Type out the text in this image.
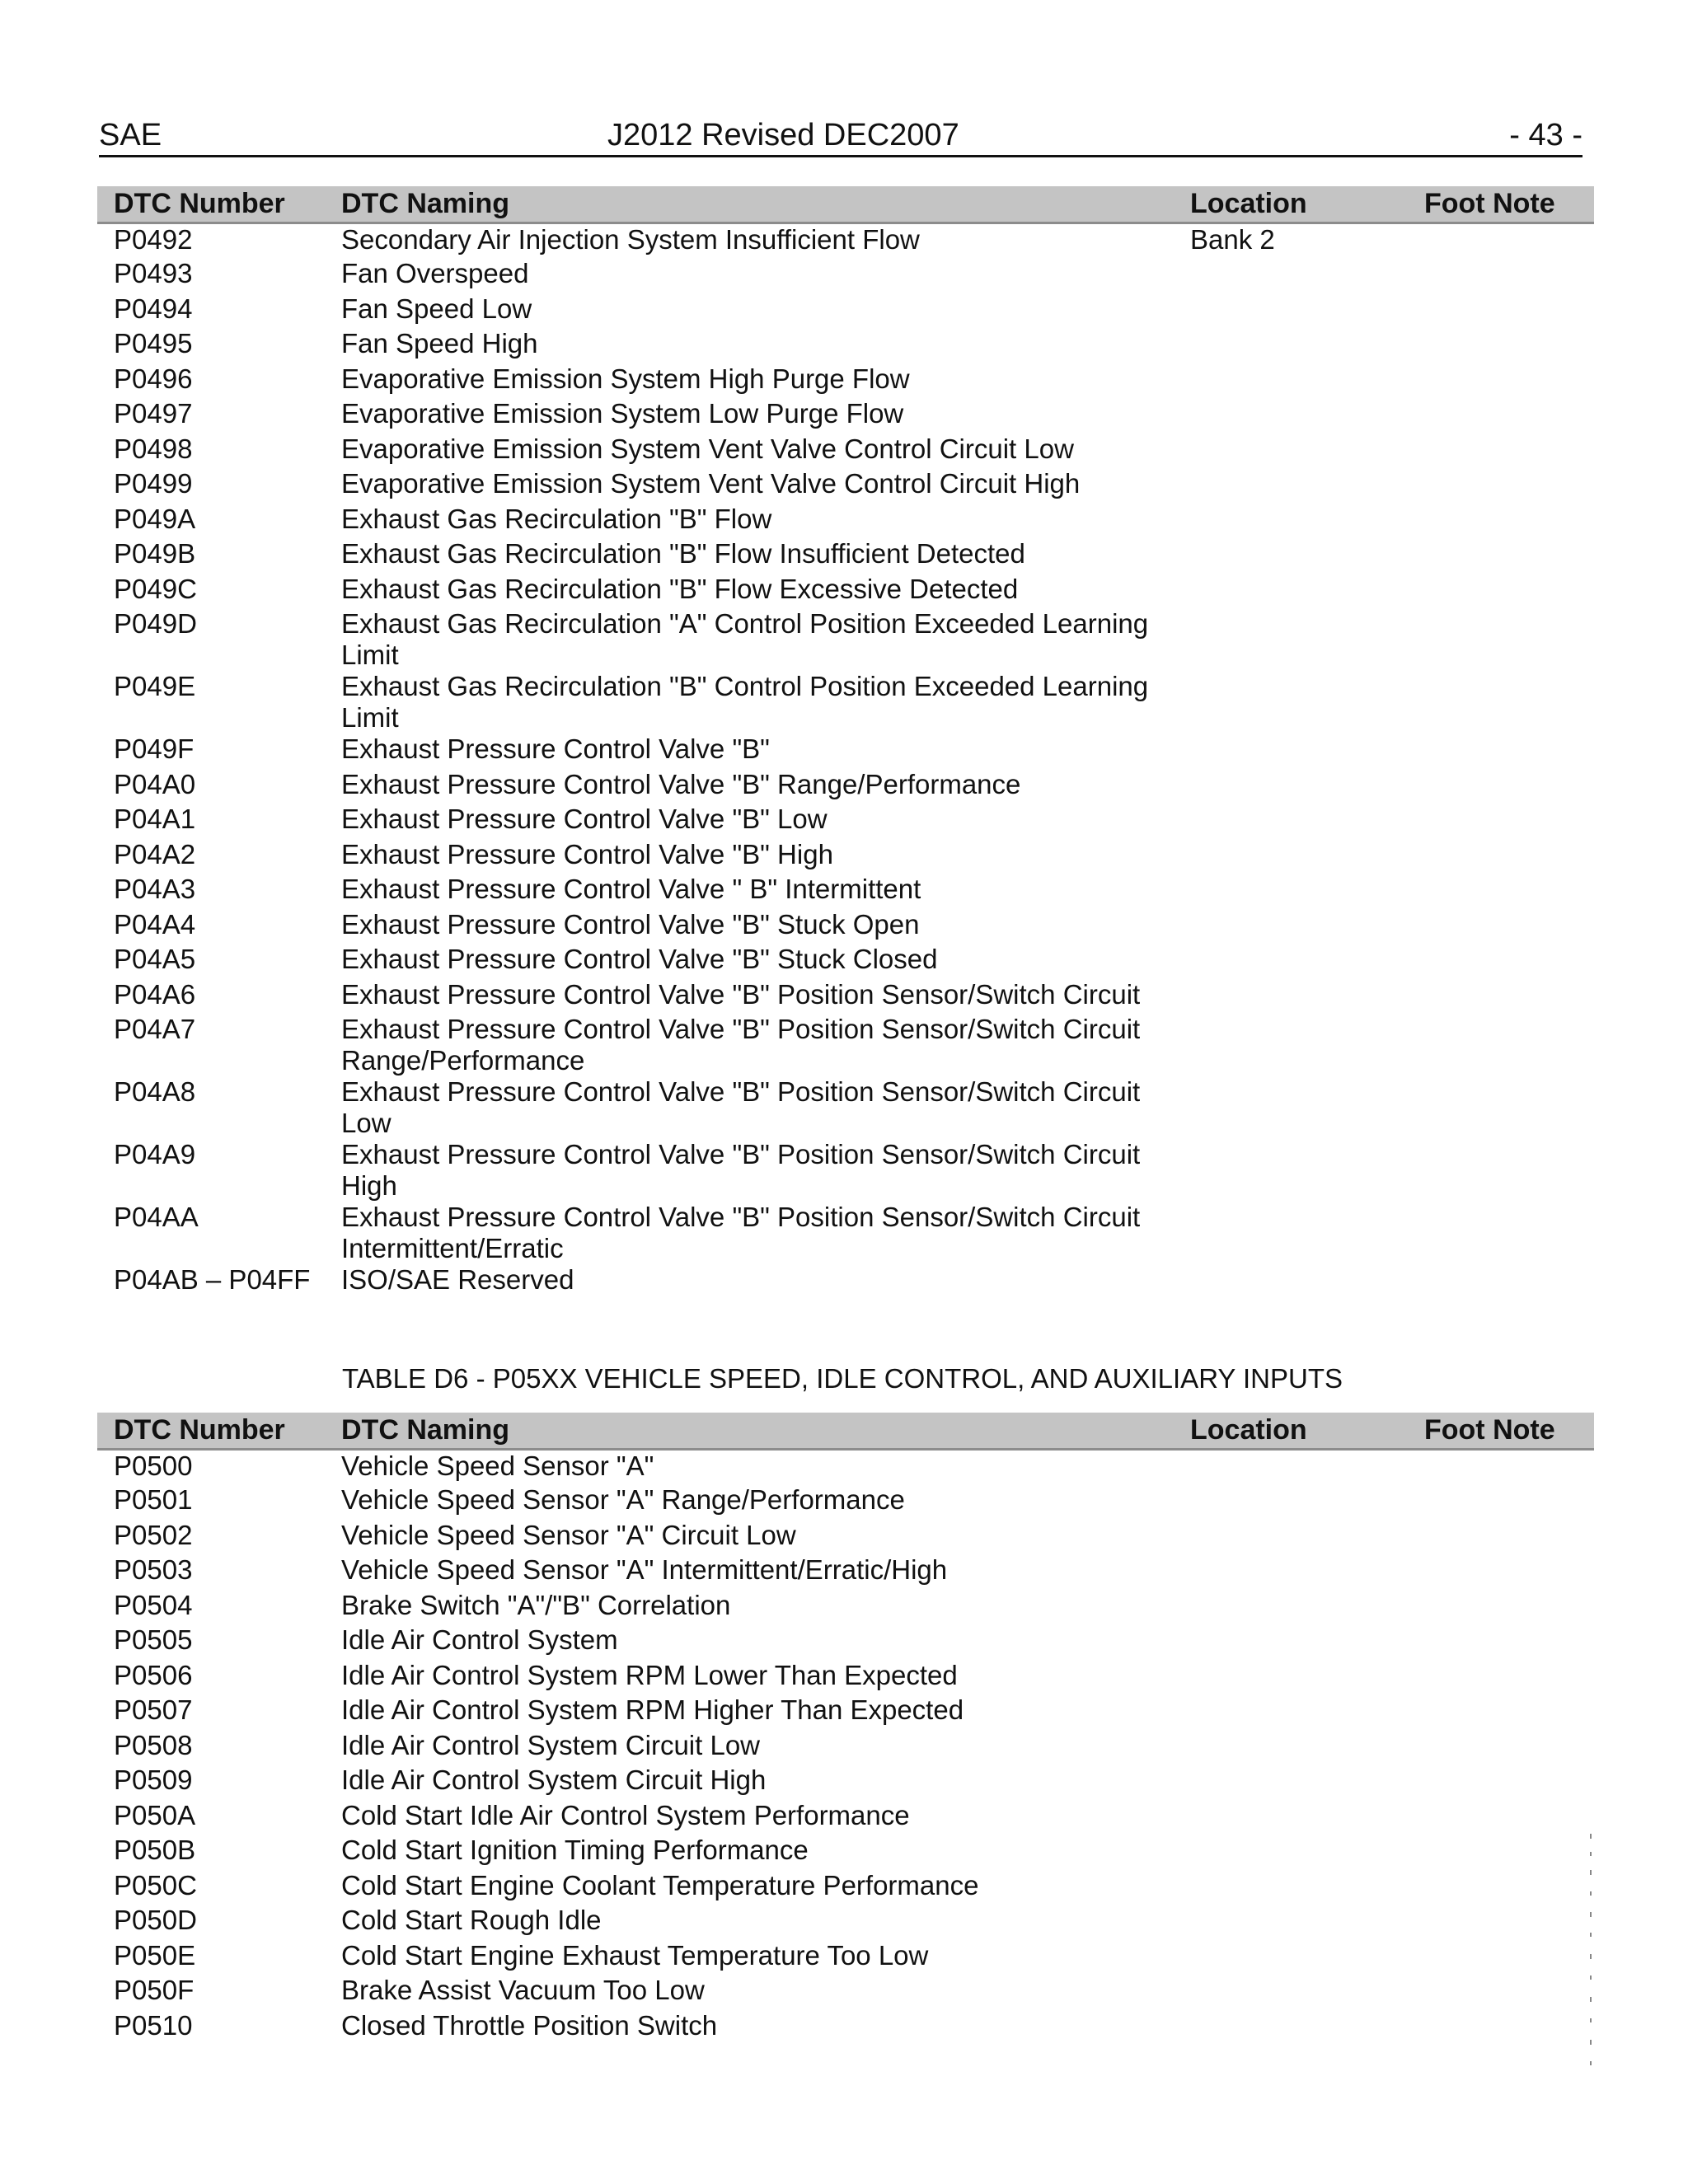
SAE	J2012 Revised DEC2007	- 43 -
DTC Number	DTC Naming	Location	Foot Note
P0492	Secondary Air Injection System Insufficient Flow	Bank 2	
P0493	Fan Overspeed		
P0494	Fan Speed Low		
P0495	Fan Speed High		
P0496	Evaporative Emission System High Purge Flow		
P0497	Evaporative Emission System Low Purge Flow		
P0498	Evaporative Emission System Vent Valve Control Circuit Low		
P0499	Evaporative Emission System Vent Valve Control Circuit High		
P049A	Exhaust Gas Recirculation "B" Flow		
P049B	Exhaust Gas Recirculation "B" Flow Insufficient Detected		
P049C	Exhaust Gas Recirculation "B" Flow Excessive Detected		
P049D	Exhaust Gas Recirculation "A" Control Position Exceeded Learning Limit		
P049E	Exhaust Gas Recirculation "B" Control Position Exceeded Learning Limit		
P049F	Exhaust Pressure Control Valve "B"		
P04A0	Exhaust Pressure Control Valve "B" Range/Performance		
P04A1	Exhaust Pressure Control Valve "B" Low		
P04A2	Exhaust Pressure Control Valve "B" High		
P04A3	Exhaust Pressure Control Valve " B" Intermittent		
P04A4	Exhaust Pressure Control Valve "B" Stuck Open		
P04A5	Exhaust Pressure Control Valve "B" Stuck Closed		
P04A6	Exhaust Pressure Control Valve "B" Position Sensor/Switch Circuit		
P04A7	Exhaust Pressure Control Valve "B" Position Sensor/Switch Circuit Range/Performance		
P04A8	Exhaust Pressure Control Valve "B" Position Sensor/Switch Circuit Low		
P04A9	Exhaust Pressure Control Valve "B" Position Sensor/Switch Circuit High		
P04AA	Exhaust Pressure Control Valve "B" Position Sensor/Switch Circuit Intermittent/Erratic		
P04AB – P04FF	ISO/SAE Reserved		
TABLE D6 - P05XX VEHICLE SPEED, IDLE CONTROL, AND AUXILIARY INPUTS
DTC Number	DTC Naming	Location	Foot Note
P0500	Vehicle Speed Sensor "A"		
P0501	Vehicle Speed Sensor "A" Range/Performance		
P0502	Vehicle Speed Sensor "A" Circuit Low		
P0503	Vehicle Speed Sensor "A" Intermittent/Erratic/High		
P0504	Brake Switch "A"/"B" Correlation		
P0505	Idle Air Control System		
P0506	Idle Air Control System RPM Lower Than Expected		
P0507	Idle Air Control System RPM Higher Than Expected		
P0508	Idle Air Control System Circuit Low		
P0509	Idle Air Control System Circuit High		
P050A	Cold Start Idle Air Control System Performance		
P050B	Cold Start Ignition Timing Performance		
P050C	Cold Start Engine Coolant Temperature Performance		
P050D	Cold Start Rough Idle		
P050E	Cold Start Engine Exhaust Temperature Too Low		
P050F	Brake Assist Vacuum Too Low		
P0510	Closed Throttle Position Switch		
